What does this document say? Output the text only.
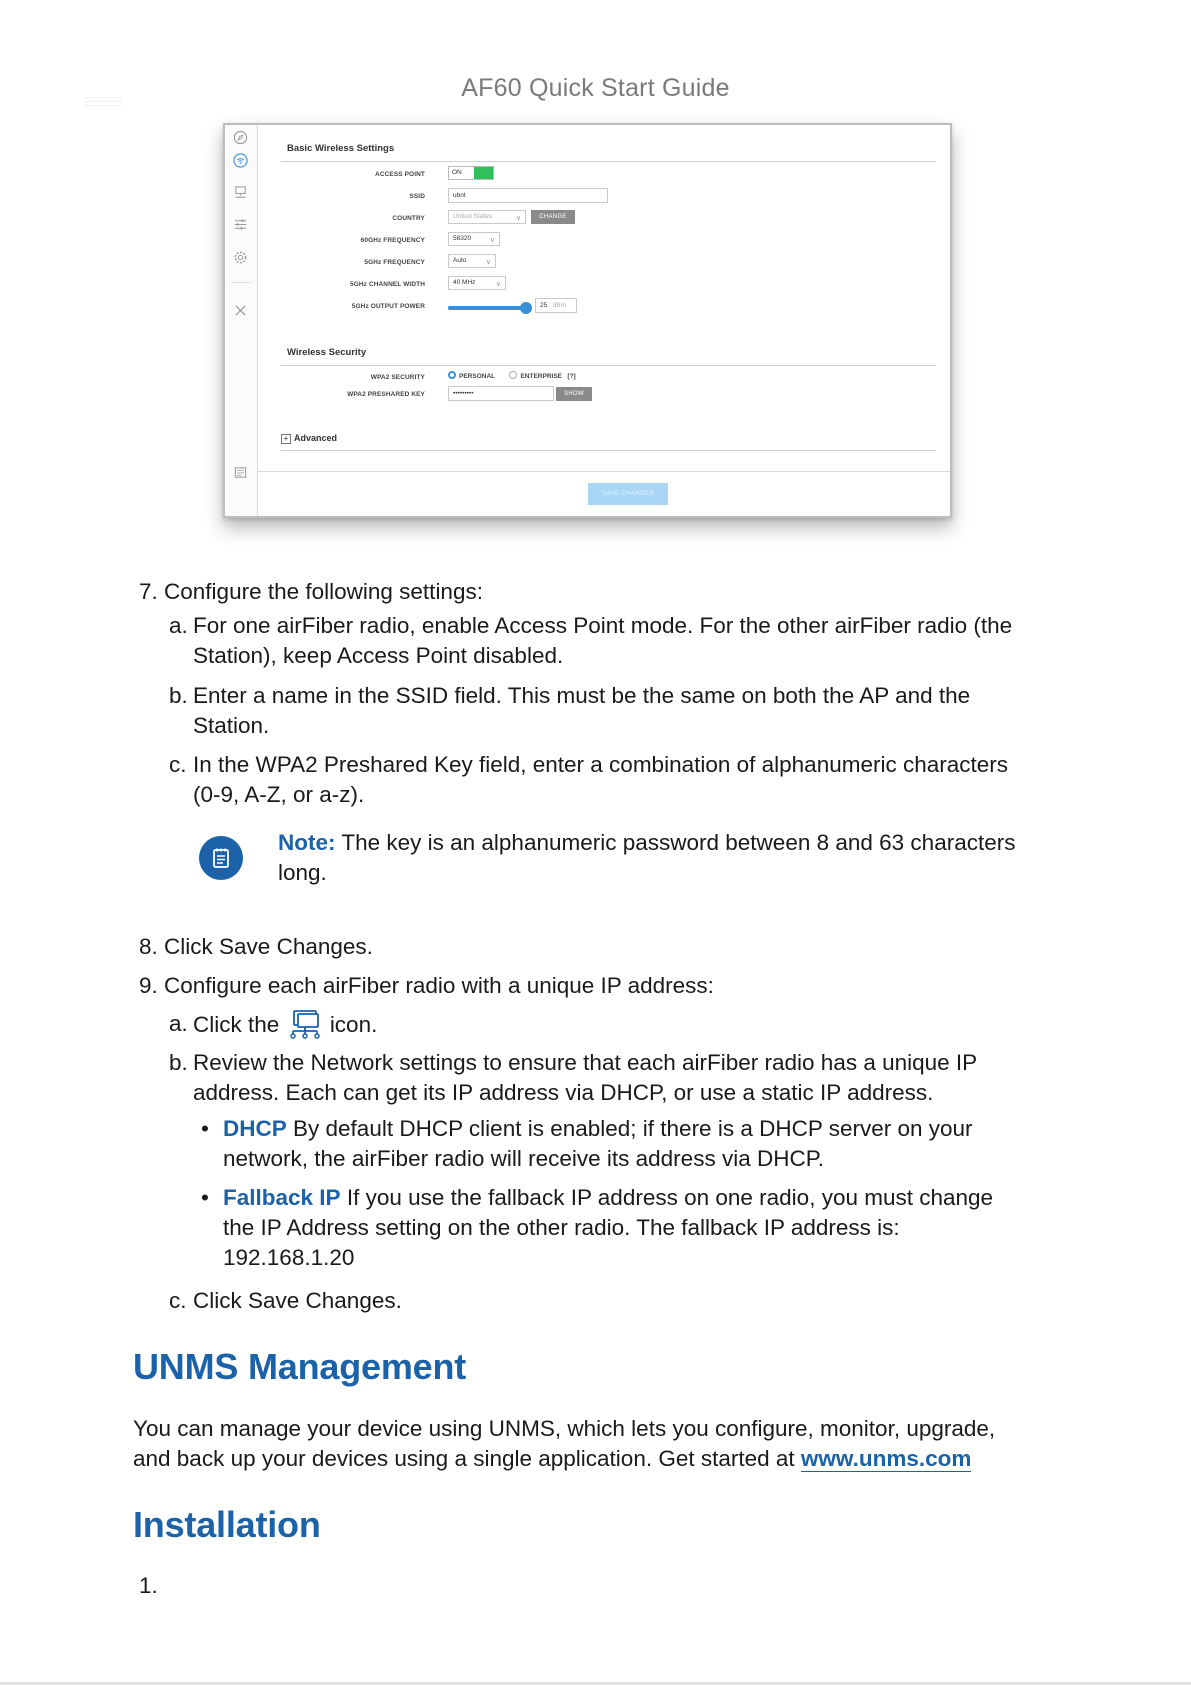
AF60 Quick Start Guide
Basic Wireless Settings
ACCESS POINT	ON
SSID	ubnt
COUNTRY	United States	∨	CHANGE
60GHz FREQUENCY	58320	∨
5GHz FREQUENCY	Auto	∨
5GHz CHANNEL WIDTH	40 MHz	∨
5GHz OUTPUT POWER	25 dBm
Wireless Security
WPA2 SECURITY	PERSONAL	ENTERPRISE [?]
WPA2 PRESHARED KEY	•••••••••	SHOW
+ Advanced
SAVE CHANGES
7. Configure the following settings:
a. For one airFiber radio, enable Access Point mode. For the other airFiber radio (the
Station), keep Access Point disabled.
b. Enter a name in the SSID field. This must be the same on both the AP and the
Station.
c. In the WPA2 Preshared Key field, enter a combination of alphanumeric characters
(0-9, A-Z, or a-z).
Note: The key is an alphanumeric password between 8 and 63 characters
long.
8. Click Save Changes.
9. Configure each airFiber radio with a unique IP address:
a. Click the icon.
b. Review the Network settings to ensure that each airFiber radio has a unique IP
address. Each can get its IP address via DHCP, or use a static IP address.
• DHCP By default DHCP client is enabled; if there is a DHCP server on your
network, the airFiber radio will receive its address via DHCP.
• Fallback IP If you use the fallback IP address on one radio, you must change
the IP Address setting on the other radio. The fallback IP address is:
192.168.1.20
c. Click Save Changes.
UNMS Management
You can manage your device using UNMS, which lets you configure, monitor, upgrade,
and back up your devices using a single application. Get started at www.unms.com
Installation
1.
